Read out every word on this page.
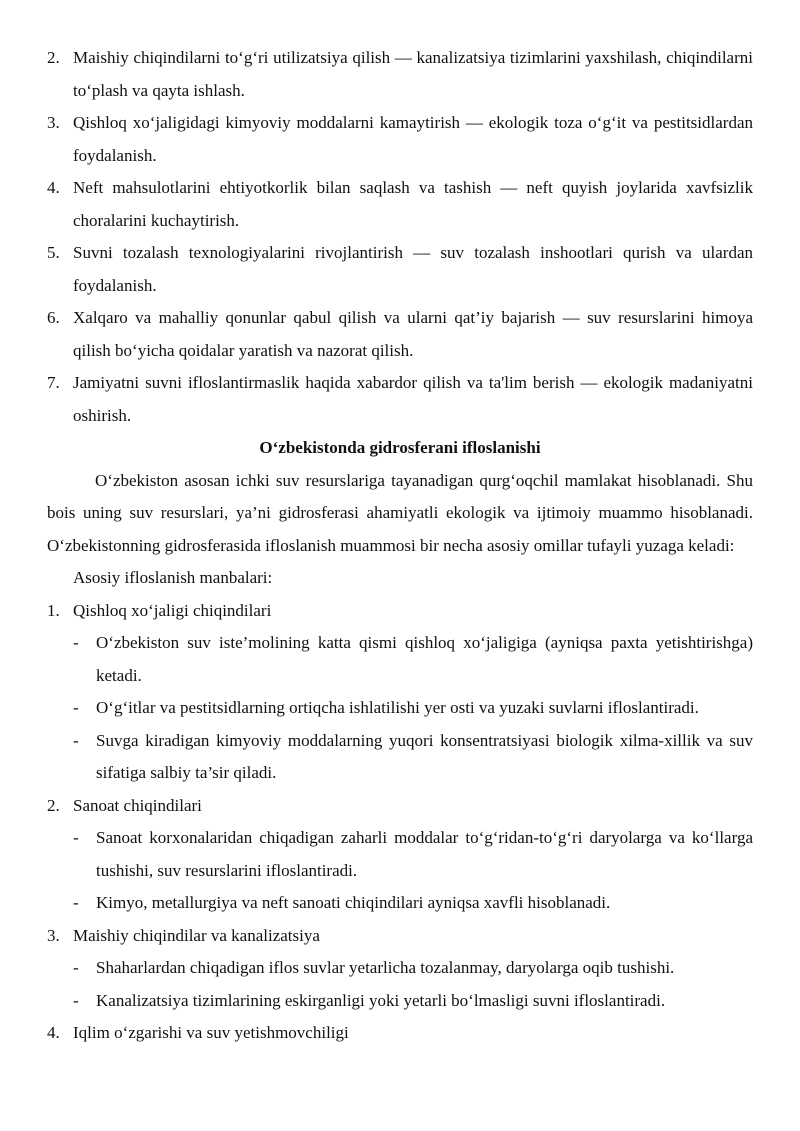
2. Maishiy chiqindilarni to‘g‘ri utilizatsiya qilish — kanalizatsiya tizimlarini yaxshilash, chiqindilarni to‘plash va qayta ishlash.
3. Qishloq xo‘jaligidagi kimyoviy moddalarni kamaytirish — ekologik toza o‘g‘it va pestitsidlardan foydalanish.
4. Neft mahsulotlarini ehtiyotkorlik bilan saqlash va tashish — neft quyish joylarida xavfsizlik choralarini kuchaytirish.
5. Suvni tozalash texnologiyalarini rivojlantirish — suv tozalash inshootlari qurish va ulardan foydalanish.
6. Xalqaro va mahalliy qonunlar qabul qilish va ularni qat’iy bajarish — suv resurslarini himoya qilish bo‘yicha qoidalar yaratish va nazorat qilish.
7. Jamiyatni suvni ifloslantirmaslik haqida xabardor qilish va ta'lim berish — ekologik madaniyatni oshirish.
O‘zbekistonda gidrosferani ifloslanishi
O‘zbekiston asosan ichki suv resurslariga tayanadigan qurg‘oqchil mamlakat hisoblanadi. Shu bois uning suv resurslari, ya’ni gidrosferasi ahamiyatli ekologik va ijtimoiy muammo hisoblanadi. O‘zbekistonning gidrosferasida ifloslanish muammosi bir necha asosiy omillar tufayli yuzaga keladi:
Asosiy ifloslanish manbalari:
1. Qishloq xo‘jaligi chiqindilari
-	O‘zbekiston suv iste’molining katta qismi qishloq xo‘jaligiga (ayniqsa paxta yetishtirishga) ketadi.
-	O‘g‘itlar va pestitsidlarning ortiqcha ishlatilishi yer osti va yuzaki suvlarni ifloslantiradi.
-	Suvga kiradigan kimyoviy moddalarning yuqori konsentratsiyasi biologik xilma-xillik va suv sifatiga salbiy ta’sir qiladi.
2. Sanoat chiqindilari
-	Sanoat korxonalaridan chiqadigan zaharli moddalar to‘g‘ridan-to‘g‘ri daryolarga va ko‘llarga tushishi, suv resurslarini ifloslantiradi.
-	Kimyo, metallurgiya va neft sanoati chiqindilari ayniqsa xavfli hisoblanadi.
3. Maishiy chiqindilar va kanalizatsiya
-	Shaharlardan chiqadigan iflos suvlar yetarlicha tozalanmay, daryolarga oqib tushishi.
-	Kanalizatsiya tizimlarining eskirganligi yoki yetarli bo‘lmasligi suvni ifloslantiradi.
4. Iqlim o‘zgarishi va suv yetishmovchiligi
